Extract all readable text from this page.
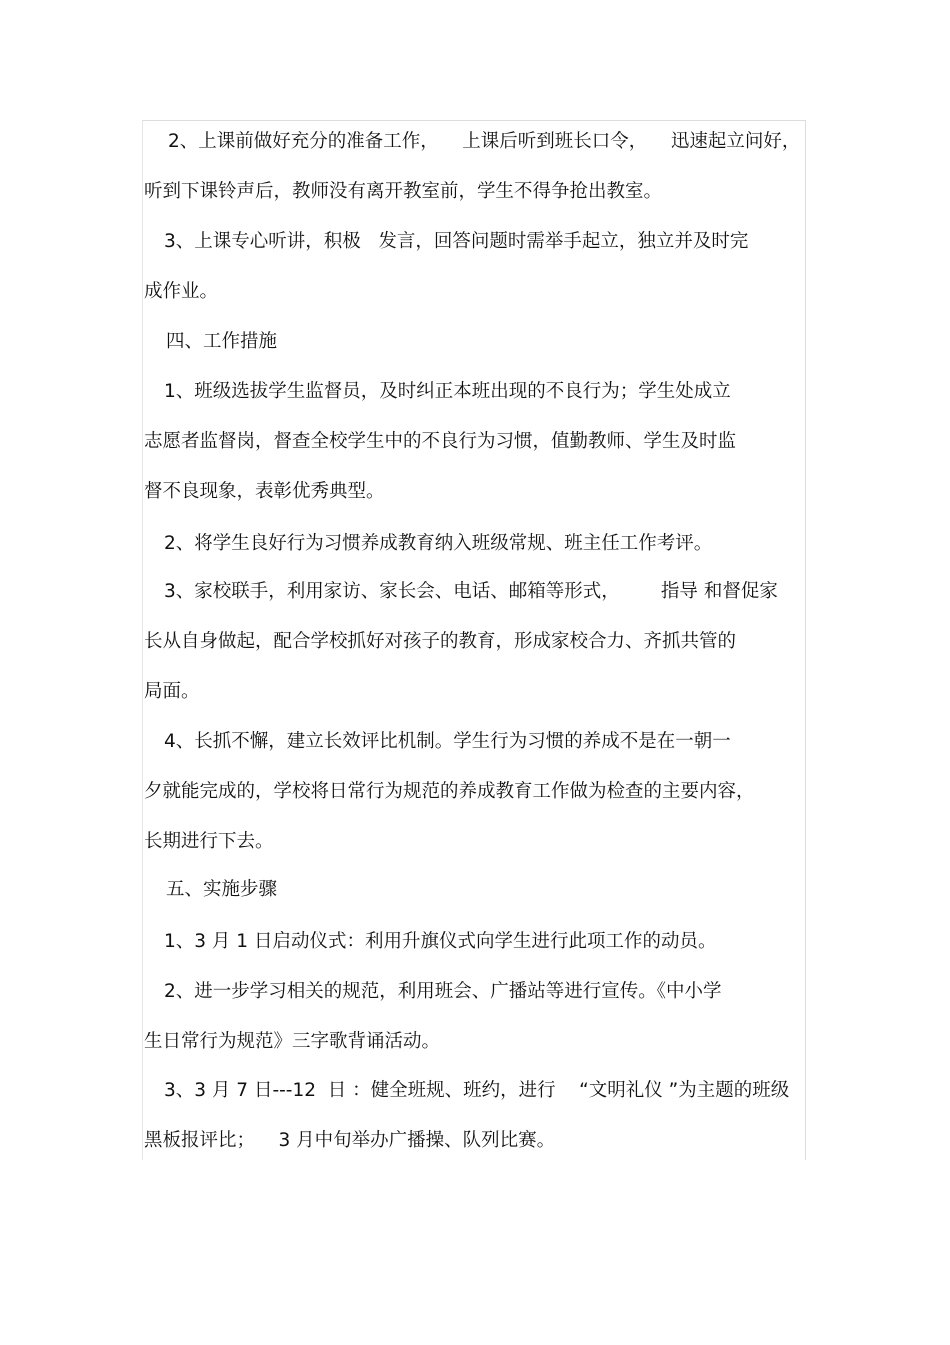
2、上课前做好充分的准备工作，    上课后听到班长口令，    迅速起立问好，
听到下课铃声后，教师没有离开教室前，学生不得争抢出教室。
3、上课专心听讲，积极   发言，回答问题时需举手起立，独立并及时完
成作业。
四、工作措施
1、班级选拔学生监督员，及时纠正本班出现的不良行为；学生处成立
志愿者监督岗，督查全校学生中的不良行为习惯，值勤教师、学生及时监
督不良现象，表彰优秀典型。
2、将学生良好行为习惯养成教育纳入班级常规、班主任工作考评。
3、家校联手，利用家访、家长会、电话、邮箱等形式，       指导 和督促家
长从自身做起，配合学校抓好对孩子的教育，形成家校合力、齐抓共管的
局面。
4、长抓不懈，建立长效评比机制。学生行为习惯的养成不是在一朝一
夕就能完成的，学校将日常行为规范的养成教育工作做为检查的主要内容，
长期进行下去。
五、实施步骤
1、3 月 1 日启动仪式：利用升旗仪式向学生进行此项工作的动员。
2、进一步学习相关的规范，利用班会、广播站等进行宣传。《中小学
生日常行为规范》三字歌背诵活动。
3、3 月 7 日---12  日 ：健全班规、班约，进行    “文明礼仪 ”为主题的班级
黑板报评比；    3 月中旬举办广播操、队列比赛。
